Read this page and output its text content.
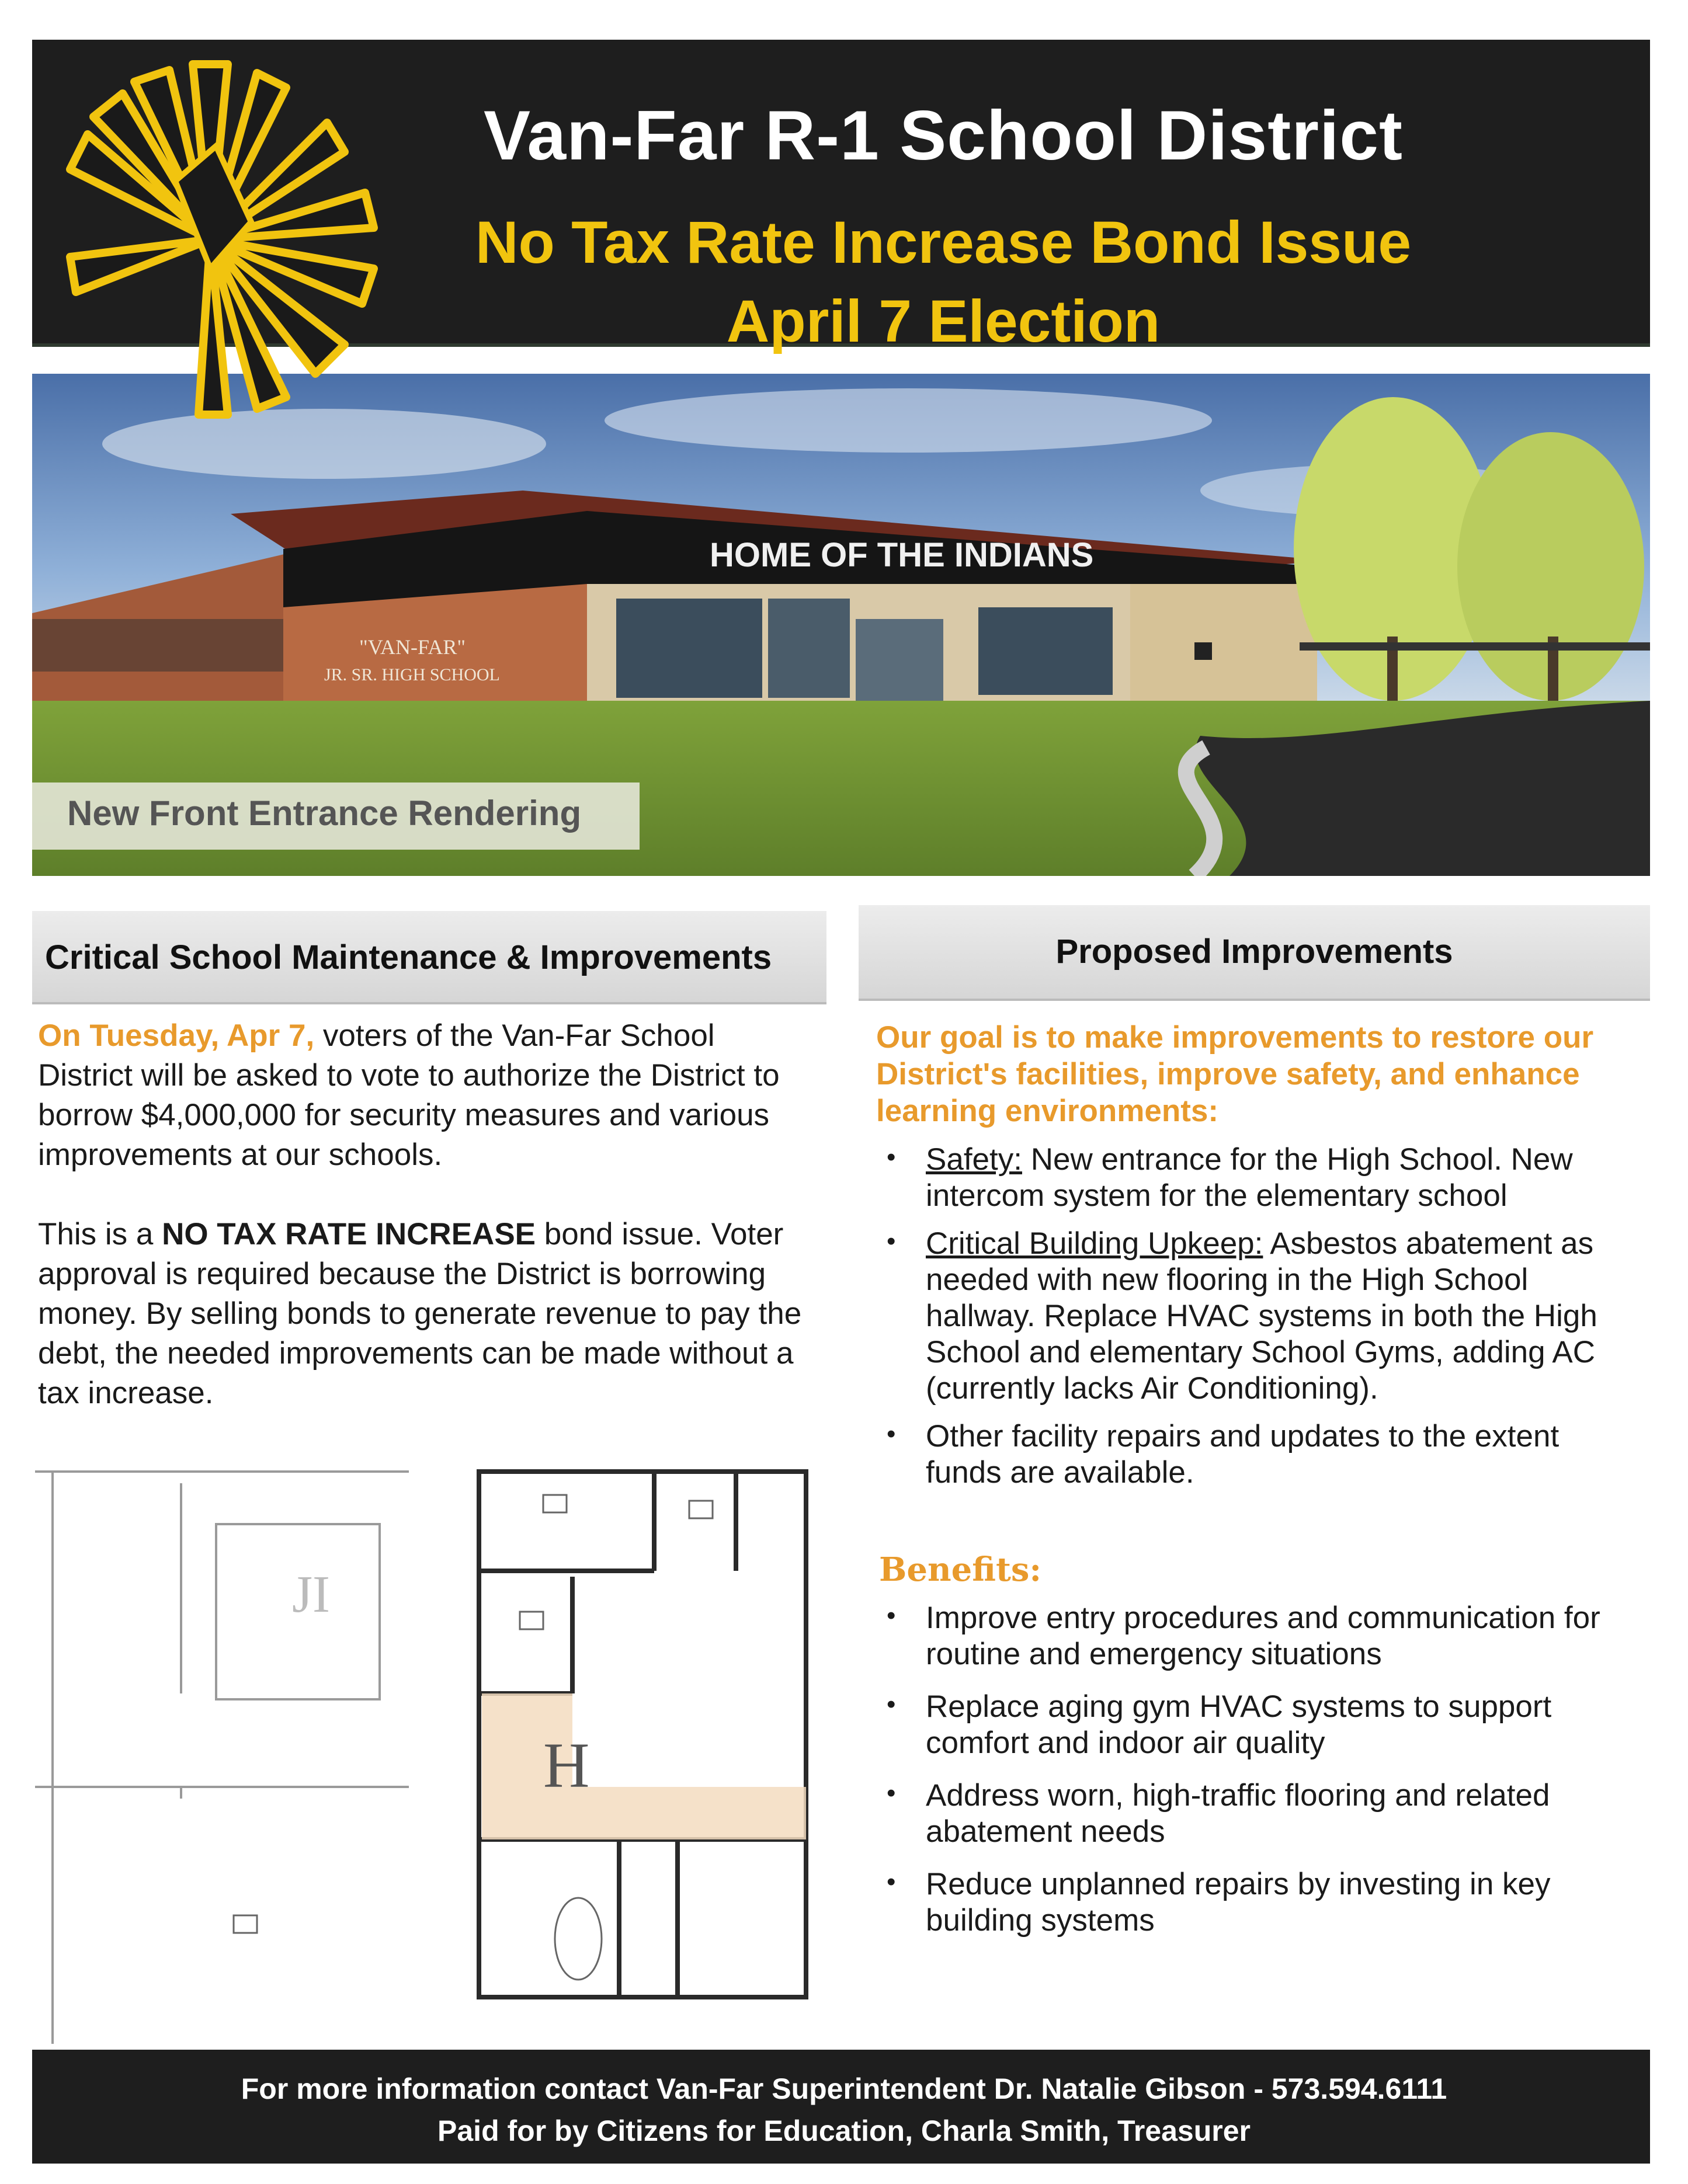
Van-Far R-1 School District
No Tax Rate Increase Bond Issue
April 7 Election
HOME OF THE INDIANS
"VAN-FAR"
JR. SR. HIGH SCHOOL
New Front Entrance Rendering
Critical School Maintenance & Improvements

On Tuesday, Apr 7, voters of the Van-Far School District will be asked to vote to authorize the District to borrow $4,000,000 for security measures and various improvements at our schools.

This is a NO TAX RATE INCREASE bond issue. Voter approval is required because the District is borrowing money. By selling bonds to generate revenue to pay the debt, the needed improvements can be made without a tax increase.

JI
H
Proposed Improvements
Our goal is to make improvements to restore our District's facilities, improve safety, and enhance learning environments:
• Safety: New entrance for the High School. New intercom system for the elementary school
• Critical Building Upkeep: Asbestos abatement as needed with new flooring in the High School hallway. Replace HVAC systems in both the High School and elementary School Gyms, adding AC (currently lacks Air Conditioning).
• Other facility repairs and updates to the extent funds are available.
Benefits:
• Improve entry procedures and communication for routine and emergency situations
• Replace aging gym HVAC systems to support comfort and indoor air quality
• Address worn, high-traffic flooring and related abatement needs
• Reduce unplanned repairs by investing in key building systems
For more information contact Van-Far Superintendent Dr. Natalie Gibson - 573.594.6111
Paid for by Citizens for Education, Charla Smith, Treasurer
